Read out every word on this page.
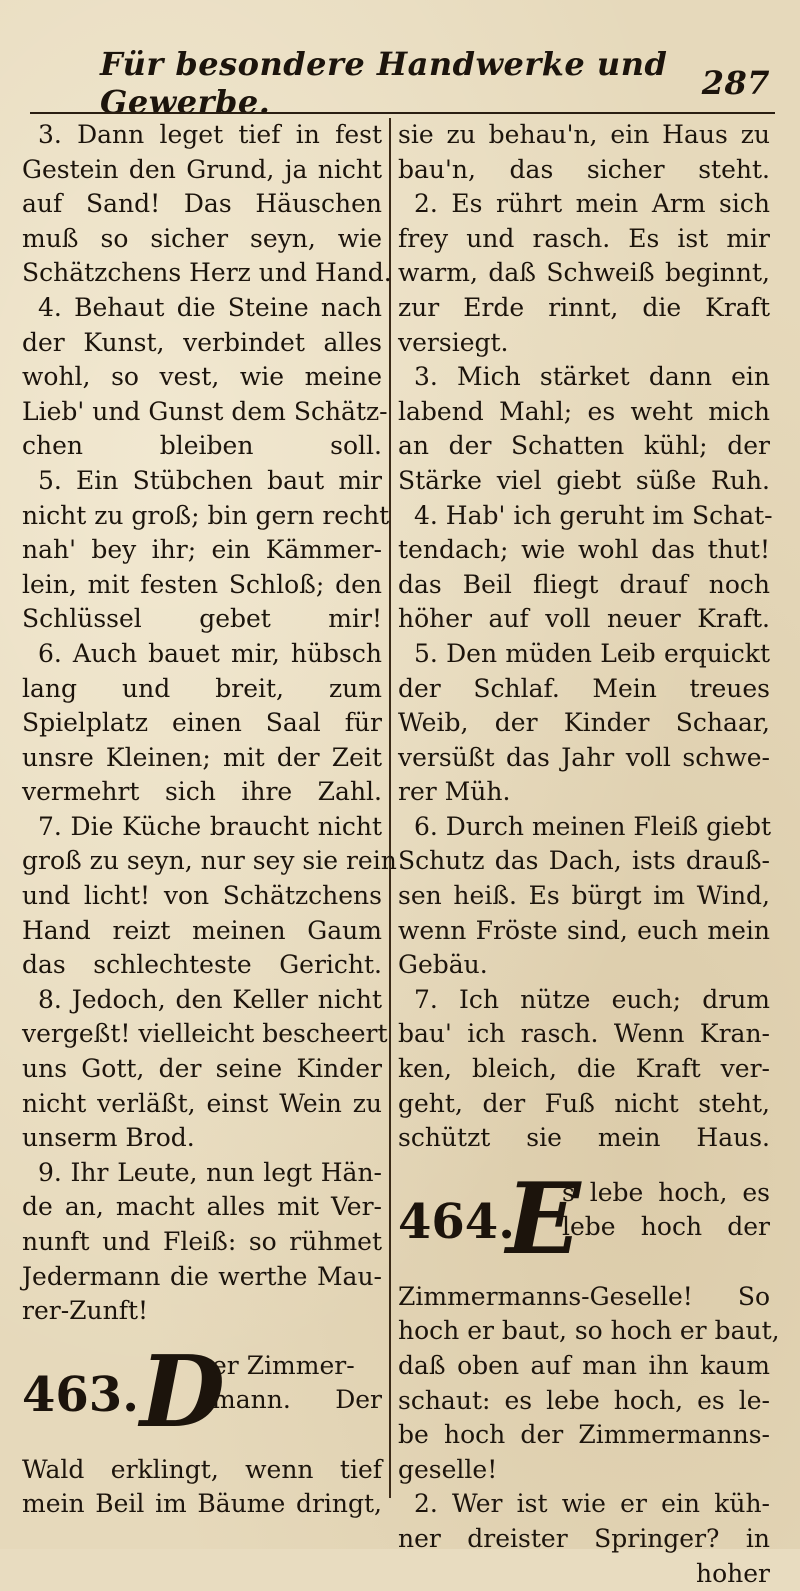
Für besondere Handwerke und Gewerbe.	287
3. Dann leget tief in fest
Gestein den Grund, ja nicht
auf Sand! Das Häuschen
muß so sicher seyn, wie
Schätzchens Herz und Hand.
4. Behaut die Steine nach
der Kunst, verbindet alles
wohl, so vest, wie meine
Lieb' und Gunst dem Schätz-
chen bleiben soll.
5. Ein Stübchen baut mir
nicht zu groß; bin gern recht
nah' bey ihr; ein Kämmer-
lein, mit festen Schloß; den
Schlüssel gebet mir!
6. Auch bauet mir, hübsch
lang und breit, zum
Spielplatz einen Saal für
unsre Kleinen; mit der Zeit
vermehrt sich ihre Zahl.
7. Die Küche braucht nicht
groß zu seyn, nur sey sie rein
und licht! von Schätzchens
Hand reizt meinen Gaum
das schlechteste Gericht.
8. Jedoch, den Keller nicht
vergeßt! vielleicht bescheert
uns Gott, der seine Kinder
nicht verläßt, einst Wein zu
unserm Brod.
9. Ihr Leute, nun legt Hän-
de an, macht alles mit Ver-
nunft und Fleiß: so rühmet
Jedermann die werthe Mau-
rer-Zunft!
463. D
er Zimmer-
mann. Der
Wald erklingt, wenn tief
mein Beil im Bäume dringt,
sie zu behau'n, ein Haus zu
bau'n, das sicher steht.
2. Es rührt mein Arm sich
frey und rasch. Es ist mir
warm, daß Schweiß beginnt,
zur Erde rinnt, die Kraft
versiegt.
3. Mich stärket dann ein
labend Mahl; es weht mich
an der Schatten kühl; der
Stärke viel giebt süße Ruh.
4. Hab' ich geruht im Schat-
tendach; wie wohl das thut!
das Beil fliegt drauf noch
höher auf voll neuer Kraft.
5. Den müden Leib erquickt
der Schlaf. Mein treues
Weib, der Kinder Schaar,
versüßt das Jahr voll schwe-
rer Müh.
6. Durch meinen Fleiß giebt
Schutz das Dach, ists drauß-
sen heiß. Es bürgt im Wind,
wenn Fröste sind, euch mein
Gebäu.
7. Ich nütze euch; drum
bau' ich rasch. Wenn Kran-
ken, bleich, die Kraft ver-
geht, der Fuß nicht steht,
schützt sie mein Haus.
464.
E
s lebe hoch, es
lebe hoch der
Zimmermanns-Geselle! So
hoch er baut, so hoch er baut,
daß oben auf man ihn kaum
schaut: es lebe hoch, es le-
be hoch der Zimmermanns-
geselle!
2. Wer ist wie er ein küh-
ner dreister Springer? in
hoher
